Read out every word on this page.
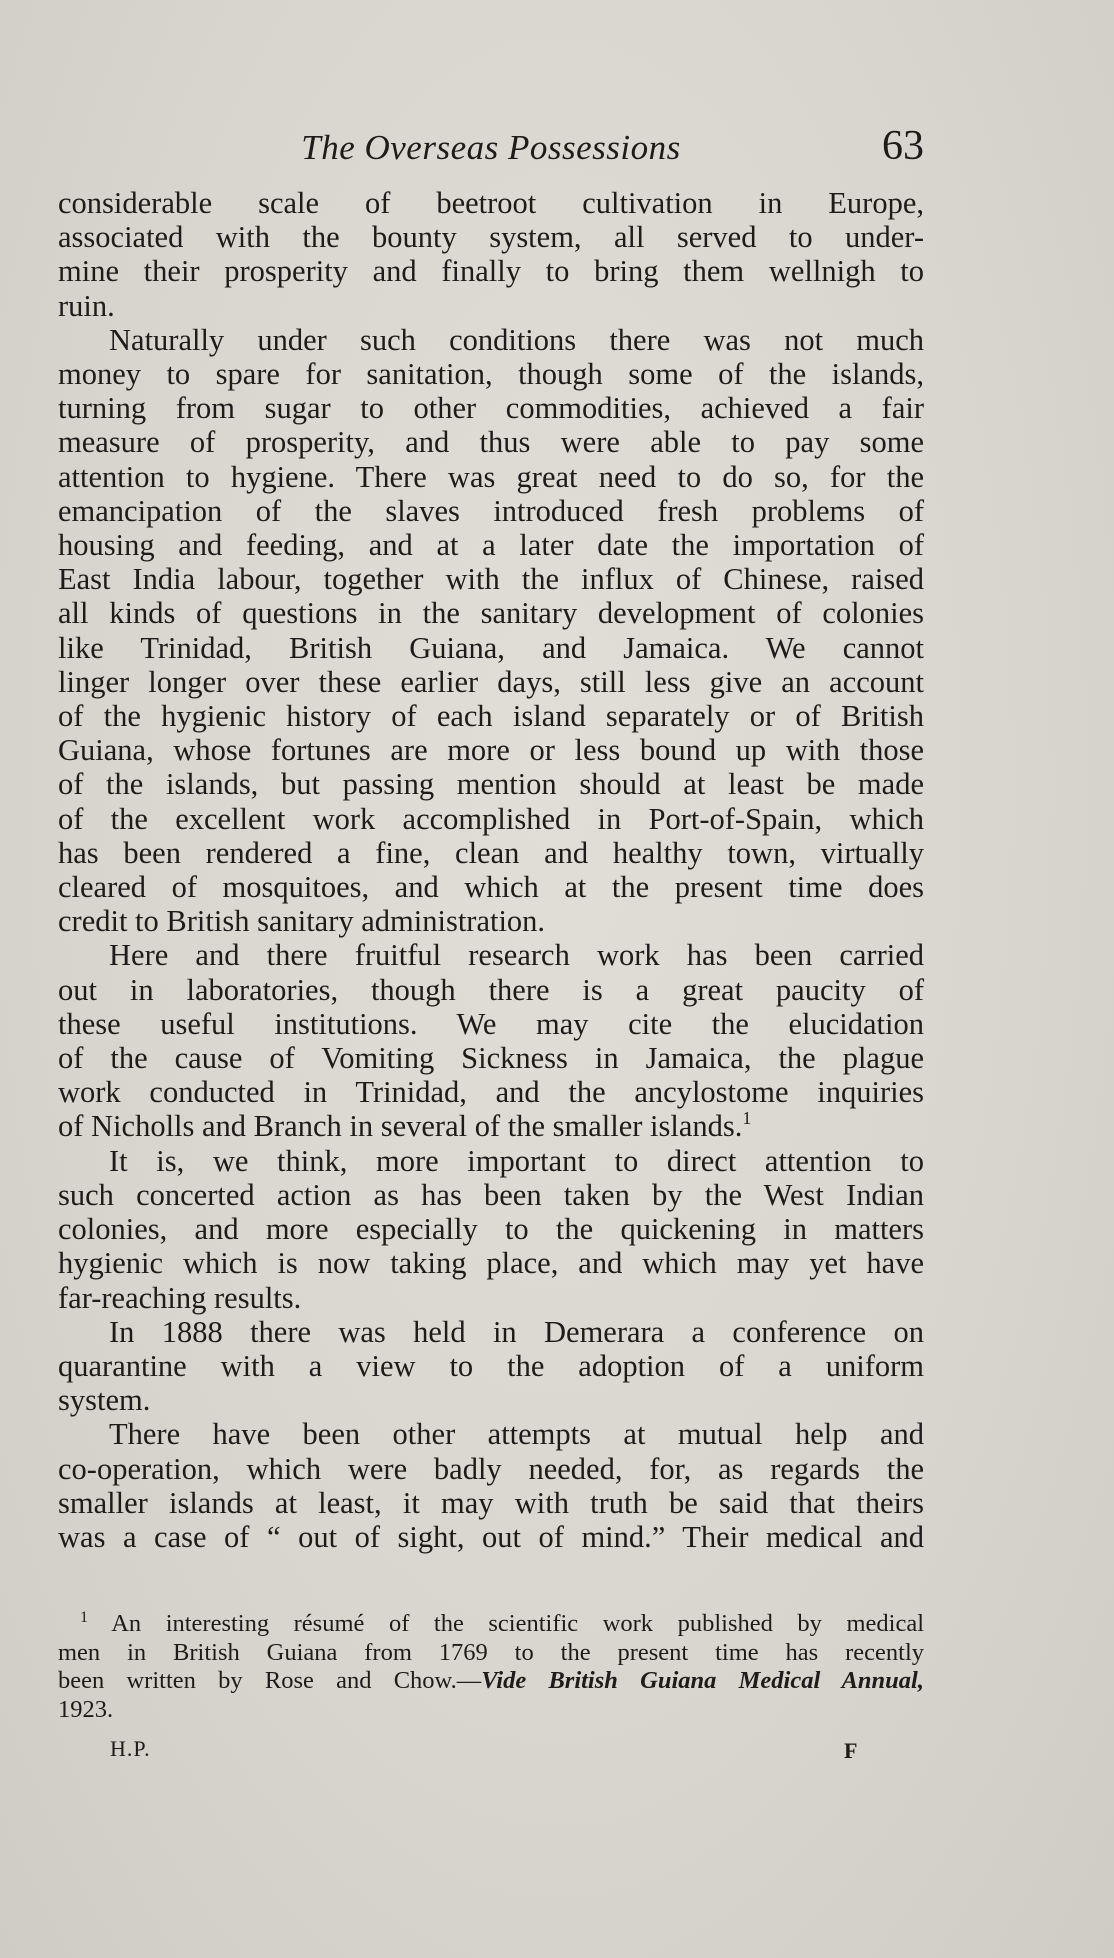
The Overseas Possessions	63
considerable scale of beetroot cultivation in Europe,
associated with the bounty system, all served to under-
mine their prosperity and finally to bring them wellnigh to
ruin.
Naturally under such conditions there was not much
money to spare for sanitation, though some of the islands,
turning from sugar to other commodities, achieved a fair
measure of prosperity, and thus were able to pay some
attention to hygiene. There was great need to do so, for the
emancipation of the slaves introduced fresh problems of
housing and feeding, and at a later date the importation of
East India labour, together with the influx of Chinese, raised
all kinds of questions in the sanitary development of colonies
like Trinidad, British Guiana, and Jamaica. We cannot
linger longer over these earlier days, still less give an account
of the hygienic history of each island separately or of British
Guiana, whose fortunes are more or less bound up with those
of the islands, but passing mention should at least be made
of the excellent work accomplished in Port-of-Spain, which
has been rendered a fine, clean and healthy town, virtually
cleared of mosquitoes, and which at the present time does
credit to British sanitary administration.
Here and there fruitful research work has been carried
out in laboratories, though there is a great paucity of
these useful institutions. We may cite the elucidation
of the cause of Vomiting Sickness in Jamaica, the plague
work conducted in Trinidad, and the ancylostome inquiries
of Nicholls and Branch in several of the smaller islands.$^1$
It is, we think, more important to direct attention to
such concerted action as has been taken by the West Indian
colonies, and more especially to the quickening in matters
hygienic which is now taking place, and which may yet have
far-reaching results.
In 1888 there was held in Demerara a conference on
quarantine with a view to the adoption of a uniform
system.
There have been other attempts at mutual help and
co-operation, which were badly needed, for, as regards the
smaller islands at least, it may with truth be said that theirs
was a case of “ out of sight, out of mind.” Their medical and
$^1$ An interesting résumé of the scientific work published by medical
men in British Guiana from 1769 to the present time has recently
been written by Rose and Chow.—Vide British Guiana Medical Annual,
1923.
H.P.	F
